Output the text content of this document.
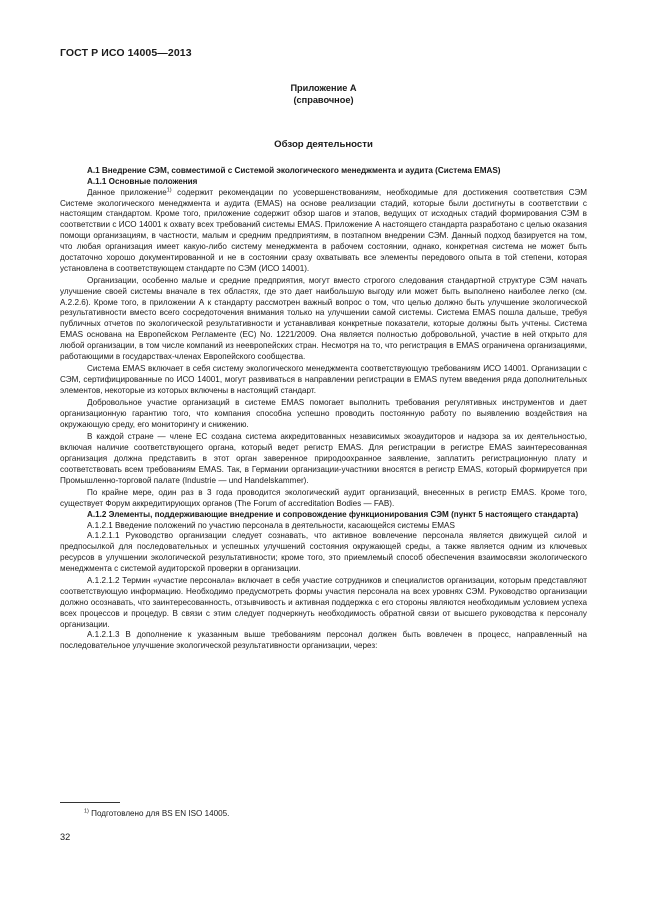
ГОСТ Р ИСО 14005—2013
Приложение А
(справочное)
Обзор деятельности

А.1 Внедрение СЭМ, совместимой с Системой экологического менеджмента и аудита (Система EMAS)

А.1.1 Основные положения

Данное приложение$^{1)}$ содержит рекомендации по усовершенствованиям, необходимые для достижения соответствия СЭМ Системе экологического менеджмента и аудита (EMAS) на основе реализации стадий, которые были достигнуты в соответствии с настоящим стандартом. Кроме того, приложение содержит обзор шагов и этапов, ведущих от исходных стадий формирования СЭМ в соответствии с ИСО 14001 к охвату всех требований системы EMAS. Приложение А настоящего стандарта разработано с целью оказания помощи организациям, в частности, малым и средним предприятиям, в поэтапном внедрении СЭМ. Данный подход базируется на том, что любая организация имеет какую-либо систему менеджмента в рабочем состоянии, однако, конкретная система не может быть достаточно хорошо документированной и не в состоянии сразу охватывать все элементы передового опыта в той степени, которая установлена в соответствующем стандарте по СЭМ (ИСО 14001).

Организации, особенно малые и средние предприятия, могут вместо строгого следования стандартной структуре СЭМ начать улучшение своей системы вначале в тех областях, где это дает наибольшую выгоду или может быть выполнено наиболее легко (см. А.2.2.6). Кроме того, в приложении А к стандарту рассмотрен важный вопрос о том, что целью должно быть улучшение экологической результативности вместо всего сосредоточения внимания только на улучшении самой системы. Система EMAS пошла дальше, требуя публичных отчетов по экологической результативности и устанавливая конкретные показатели, которые должны быть учтены. Система EMAS основана на Европейском Регламенте (ЕС) No. 1221/2009. Она является полностью добровольной, участие в ней открыто для любой организации, в том числе компаний из неевропейских стран. Несмотря на то, что регистрация в EMAS ограничена организациями, работающими в государствах-членах Европейского сообщества.

Система EMAS включает в себя систему экологического менеджмента соответствующую требованиям ИСО 14001. Организации с СЭМ, сертифицированные по ИСО 14001, могут развиваться в направлении регистрации в EMAS путем введения ряда дополнительных элементов, некоторые из которых включены в настоящий стандарт.

Добровольное участие организаций в системе EMAS помогает выполнить требования регулятивных инструментов и дает организационную гарантию того, что компания способна успешно проводить постоянную работу по выявлению воздействия на окружающую среду, его мониторингу и снижению.

В каждой стране — члене ЕС создана система аккредитованных независимых экоаудиторов и надзора за их деятельностью, включая наличие соответствующего органа, который ведет регистр EMAS. Для регистрации в регистре EMAS заинтересованная организация должна представить в этот орган заверенное природоохранное заявление, заплатить регистрационную плату и соответствовать всем требованиям EMAS. Так, в Германии организации-участники вносятся в регистр EMAS, который формируется при Промышленно-торговой палате (Industrie — und Handelskammer).

По крайне мере, один раз в 3 года проводится экологический аудит организаций, внесенных в регистр EMAS. Кроме того, существует Форум аккредитирующих органов (The Forum of accreditation Bodies — FAB).

А.1.2 Элементы, поддерживающие внедрение и сопровождение функционирования СЭМ (пункт 5 настоящего стандарта)

А.1.2.1 Введение положений по участию персонала в деятельности, касающейся системы EMAS

А.1.2.1.1 Руководство организации следует сознавать, что активное вовлечение персонала является движущей силой и предпосылкой для последовательных и успешных улучшений состояния окружающей среды, а также является одним из ключевых ресурсов в улучшении экологической результативности; кроме того, это приемлемый способ обеспечения взаимосвязи экологического менеджмента с системой аудиторской проверки в организации.

А.1.2.1.2 Термин «участие персонала» включает в себя участие сотрудников и специалистов организации, которым представляют соответствующую информацию. Необходимо предусмотреть формы участия персонала на всех уровнях СЭМ. Руководство организации должно осознавать, что заинтересованность, отзывчивость и активная поддержка с его стороны являются необходимым условием успеха всех процессов и процедур. В связи с этим следует подчеркнуть необходимость обратной связи от высшего руководства к персоналу организации.

А.1.2.1.3 В дополнение к указанным выше требованиям персонал должен быть вовлечен в процесс, направленный на последовательное улучшение экологической результативности организации, через:

$^{1)}$ Подготовлено для BS EN ISO 14005.
32
